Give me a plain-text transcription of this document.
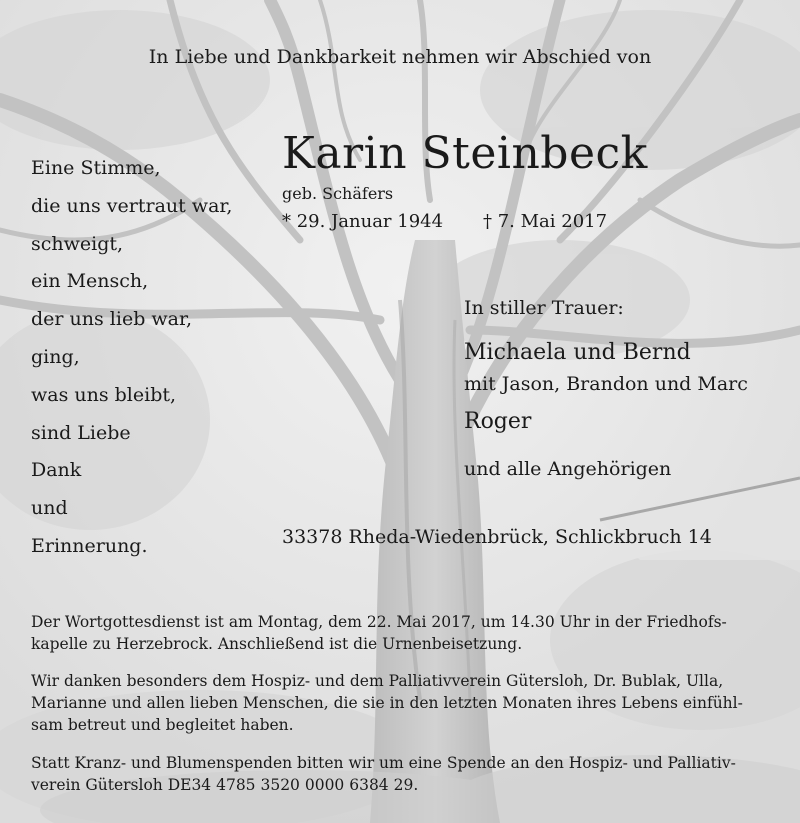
In Liebe und Dankbarkeit nehmen wir Abschied von
Eine Stimme,
die uns vertraut war,
schweigt,
ein Mensch,
der uns lieb war,
ging,
was uns bleibt,
sind Liebe
Dank
und
Erinnerung.
Karin Steinbeck
geb. Schäfers
* 29. Januar 1944 † 7. Mai 2017
In stiller Trauer:
Michaela und Bernd
mit Jason, Brandon und Marc
Roger
und alle Angehörigen
33378 Rheda-Wiedenbrück, Schlickbruch 14
Der Wortgottesdienst ist am Montag, dem 22. Mai 2017, um 14.30 Uhr in der Friedhofs-
kapelle zu Herzebrock. Anschließend ist die Urnenbeisetzung.
Wir danken besonders dem Hospiz- und dem Palliativverein Gütersloh, Dr. Bublak, Ulla,
Marianne und allen lieben Menschen, die sie in den letzten Monaten ihres Lebens einfühl-
sam betreut und begleitet haben.
Statt Kranz- und Blumenspenden bitten wir um eine Spende an den Hospiz- und Palliativ-
verein Gütersloh DE34 4785 3520 0000 6384 29.
